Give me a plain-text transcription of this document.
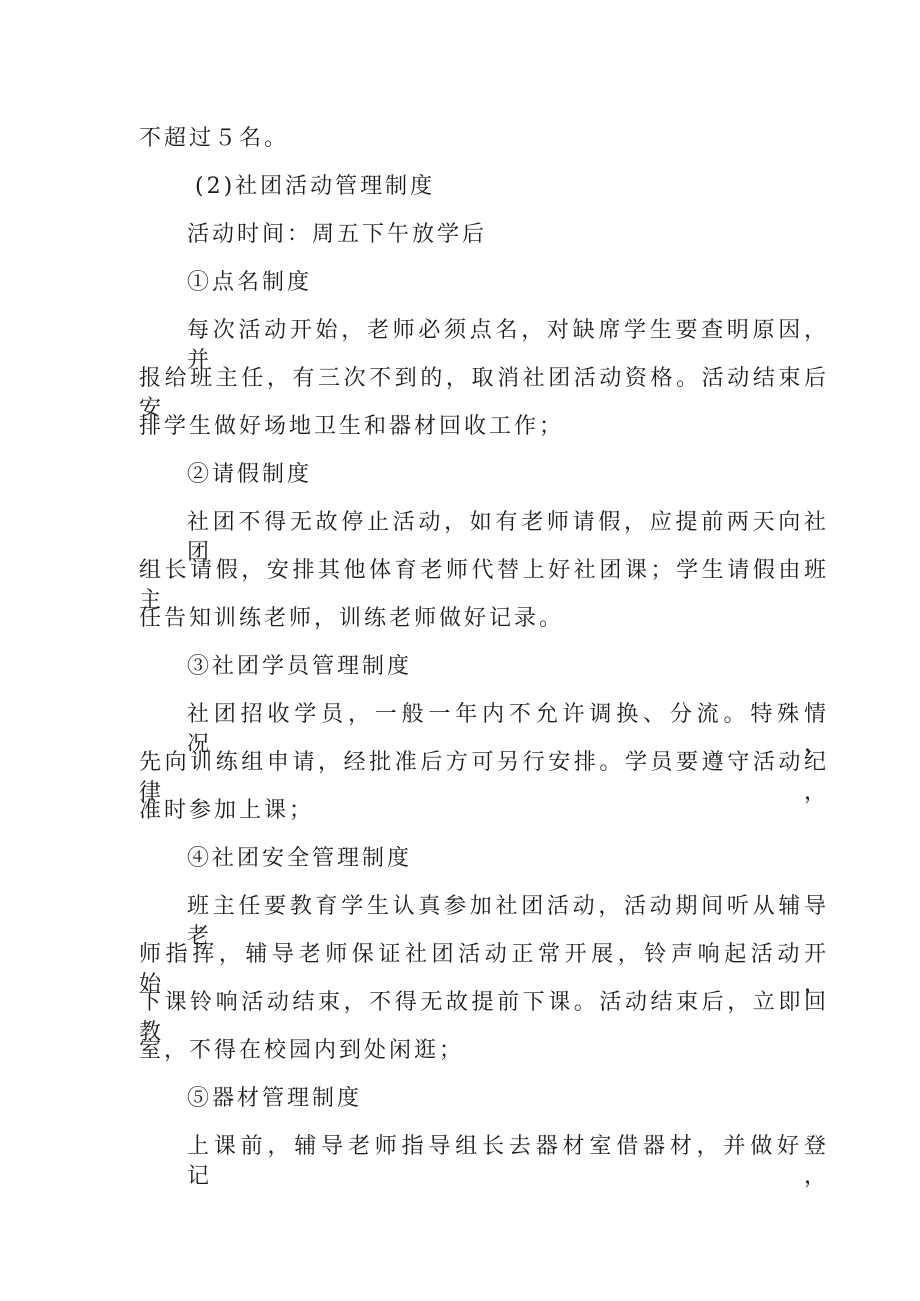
不超过５名。
(2)社团活动管理制度
活动时间：周五下午放学后
①点名制度
每次活动开始，老师必须点名，对缺席学生要查明原因，并
报给班主任，有三次不到的，取消社团活动资格。活动结束后安
排学生做好场地卫生和器材回收工作；
②请假制度
社团不得无故停止活动，如有老师请假，应提前两天向社团
组长请假，安排其他体育老师代替上好社团课；学生请假由班主
任告知训练老师，训练老师做好记录。
③社团学员管理制度
社团招收学员，一般一年内不允许调换、分流。特殊情况，
先向训练组申请，经批准后方可另行安排。学员要遵守活动纪律，
准时参加上课；
④社团安全管理制度
班主任要教育学生认真参加社团活动，活动期间听从辅导老
师指挥，辅导老师保证社团活动正常开展，铃声响起活动开始，
下课铃响活动结束，不得无故提前下课。活动结束后，立即回教
室，不得在校园内到处闲逛；
⑤器材管理制度
上课前，辅导老师指导组长去器材室借器材，并做好登记，
